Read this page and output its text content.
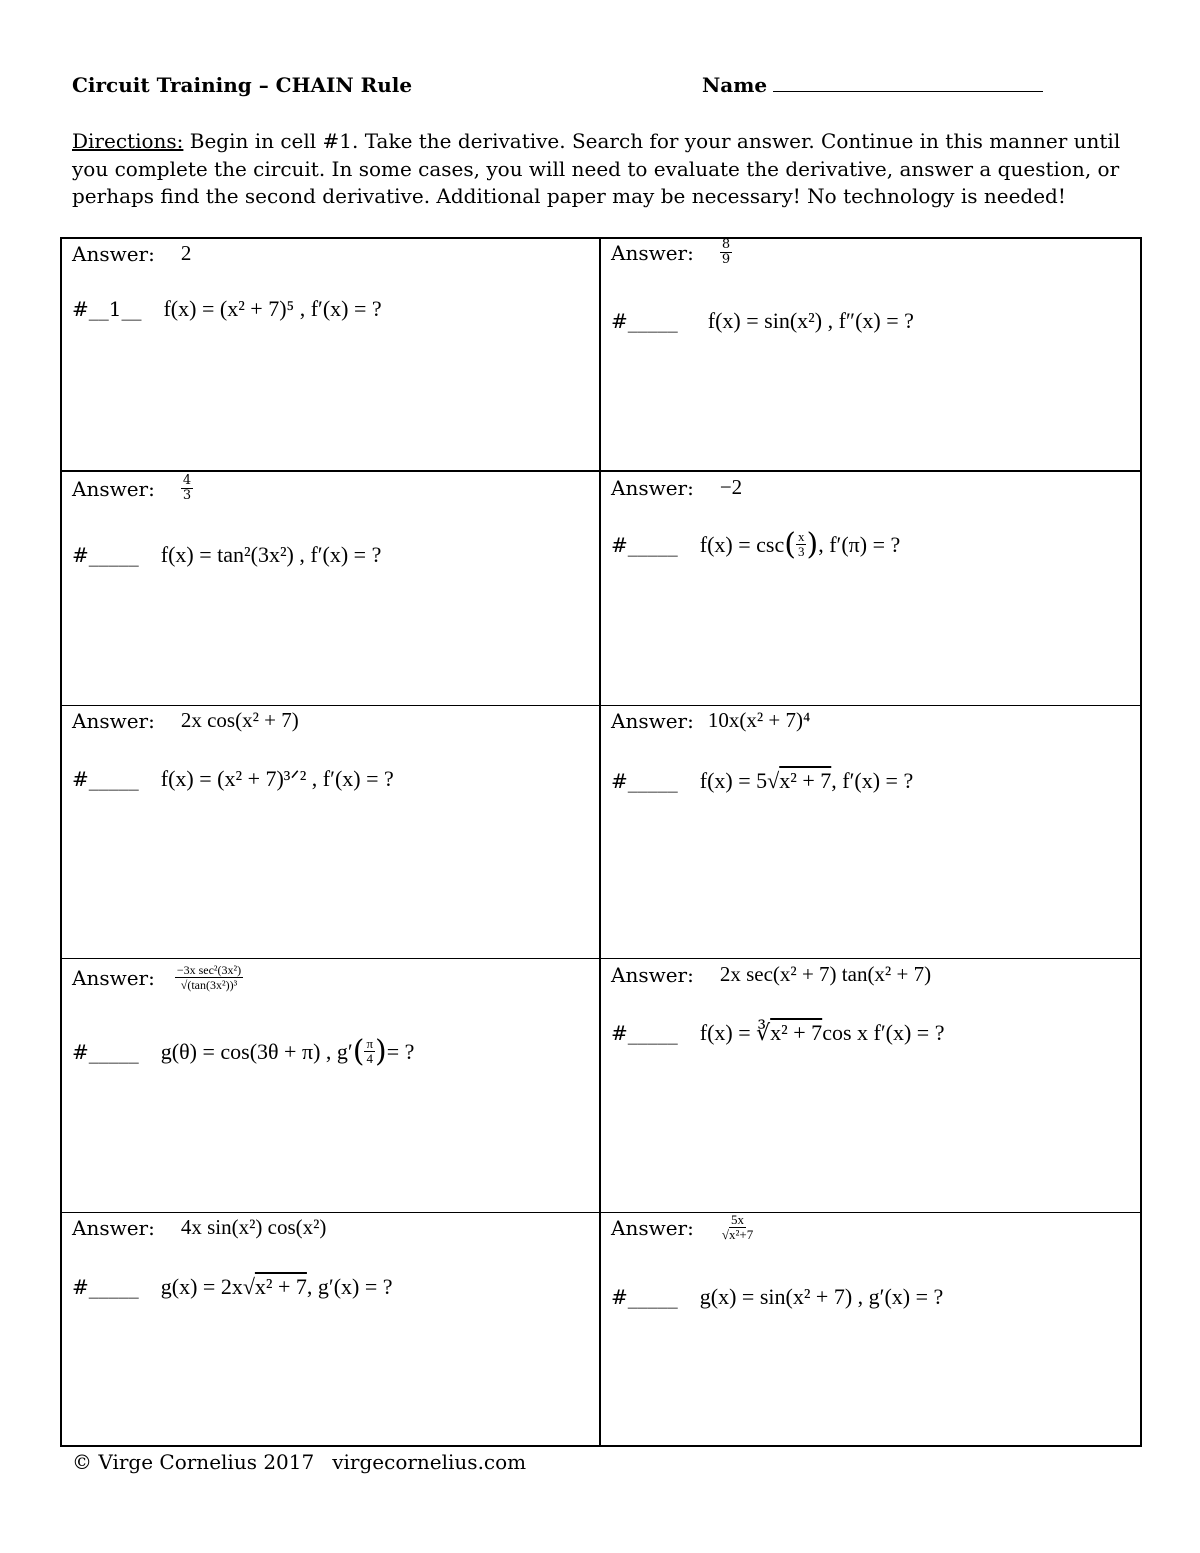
Circuit Training – CHAIN Rule	Name
Directions: Begin in cell #1. Take the derivative. Search for your answer. Continue in this manner until you complete the circuit. In some cases, you will need to evaluate the derivative, answer a question, or perhaps find the second derivative. Additional paper may be necessary! No technology is needed!
Answer: 2
#__1__ f(x) = (x² + 7)⁵ , f′(x) = ?
Answer: $\frac{8}{9}$
#_____ f(x) = sin(x²) , f″(x) = ?
Answer: $\frac{4}{3}$
#_____ f(x) = tan²(3x²) , f′(x) = ?
Answer: −2
#_____ f(x) = csc ( $\frac{x}{3}$ ) , f′(π) = ?
Answer: 2x cos(x² + 7)
#_____ f(x) = (x² + 7)³ᐟ² , f′(x) = ?
Answer: 10x(x² + 7)⁴
#_____ f(x) = 5√ x² + 7 , f′(x) = ?
Answer: $\frac{\text{−3x sec²(3x²)}}{\text{√(tan(3x²))³}}$
#_____ g(θ) = cos(3θ + π) , g′ ( $\frac{\pi}{4}$ ) = ?
Answer: 2x sec(x² + 7) tan(x² + 7)
#_____ f(x) = ∛ x² + 7 cos x f′(x) = ?
Answer: 4x sin(x²) cos(x²)
#_____ g(x) = 2x√ x² + 7 , g′(x) = ?
Answer: $\frac{5x}{\text{√x²+7}}$
#_____ g(x) = sin(x² + 7) , g′(x) = ?
© Virge Cornelius 2017 virgecornelius.com
